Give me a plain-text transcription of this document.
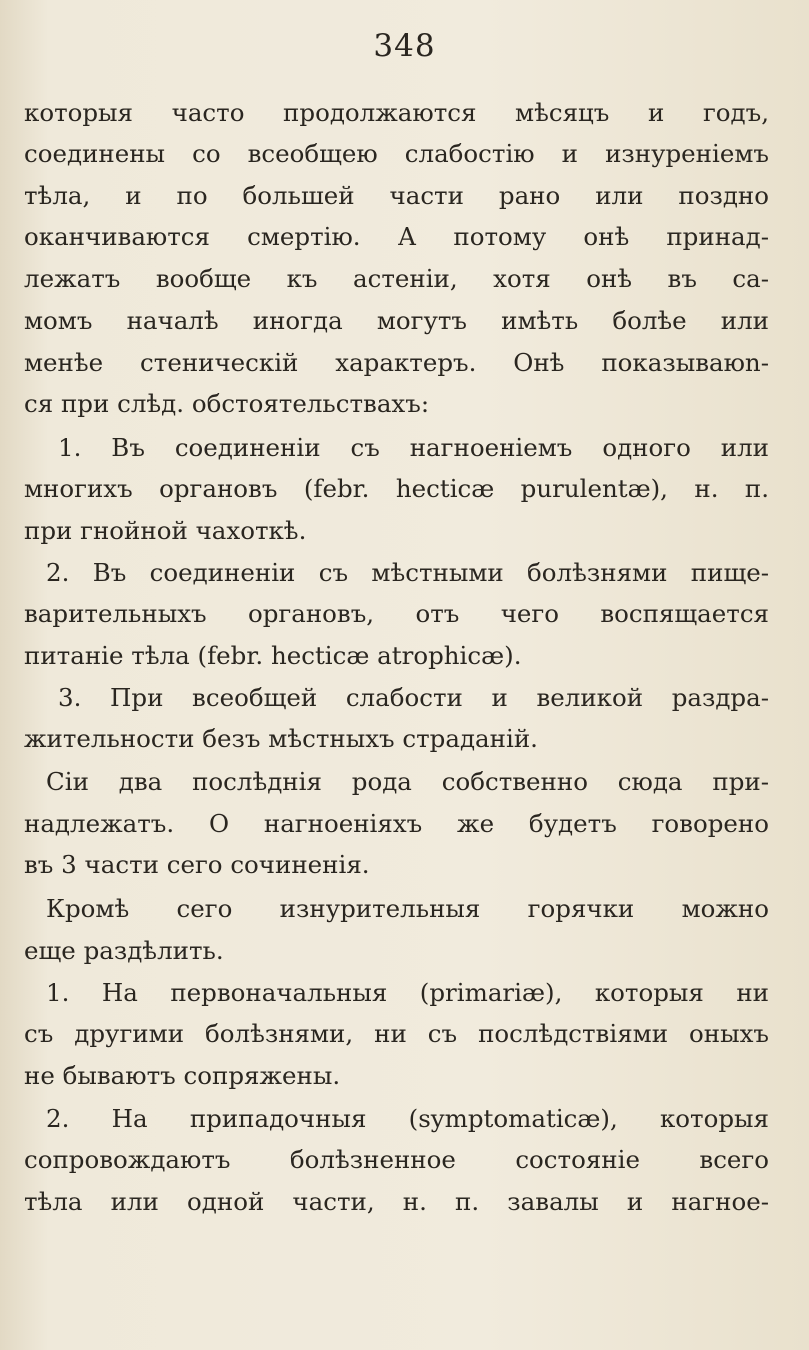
348
которыя часто продолжаются мѣсяцъ и годъ,
соединены со всеобщею слабостію и изнуреніемъ
тѣла, и по большей части рано или поздно
оканчиваются смертію. А потому онѣ принад-
лежатъ вообще къ астеніи, хотя онѣ въ са-
момъ началѣ иногда могутъ имѣть болѣе или
менѣе стеническій характеръ. Онѣ показываюn-
ся при слѣд. обстоятельствахъ:
1. Въ соединеніи съ нагноеніемъ одного или
многихъ органовъ (febr. hecticæ purulentæ), н. п.
при гнойной чахоткѣ.
2. Въ соединеніи съ мѣстными болѣзнями пище-
варительныхъ органовъ, отъ чего воспящается
питаніе тѣла (febr. hecticæ atrophicæ).
3. При всеобщей слабости и великой раздра-
жительности безъ мѣстныхъ страданій.
Сіи два послѣднія рода собственно сюда при-
надлежатъ. О нагноеніяхъ же будетъ говорено
въ 3 части сего сочиненія.
Кромѣ сего изнурительныя горячки можно
еще раздѣлить.
1. На первоначальныя (primariæ), которыя ни
съ другими болѣзнями, ни съ послѣдствіями оныхъ
не бываютъ сопряжены.
2. На припадочныя (symptomaticæ), которыя
сопровождаютъ болѣзненное состояніе всего
тѣла или одной части, н. п. завалы и нагное-
